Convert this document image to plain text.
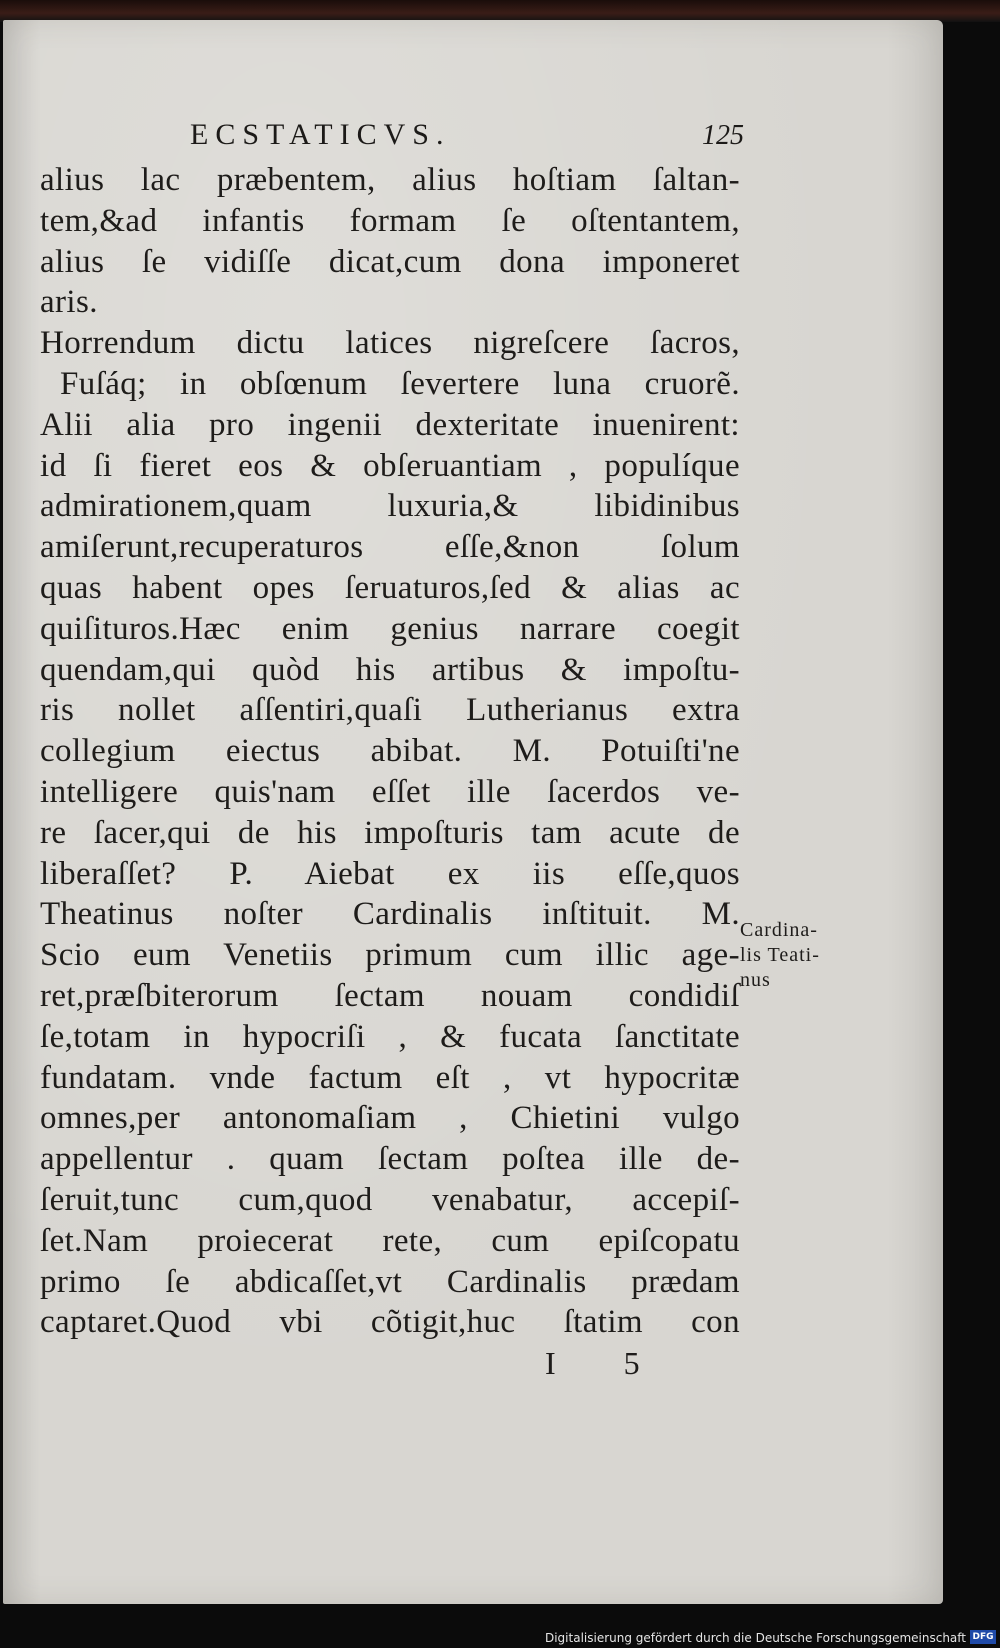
ECSTATICVS.	125
alius lac præbentem, alius hoſtiam ſaltan-
tem,&ad infantis formam ſe oſtentantem,
alius ſe vidiſſe dicat,cum dona imponeret
aris.
Horrendum dictu latices nigreſcere ſacros,
Fuſáq; in obſœnum ſevertere luna cruorẽ.
Alii alia pro ingenii dexteritate inuenirent:
id ſi fieret eos & obſeruantiam , populíque
admirationem,quam luxuria,& libidinibus
amiſerunt,recuperaturos eſſe,&non ſolum
quas habent opes ſeruaturos,ſed & alias ac
quiſituros.Hæc enim genius narrare coegit
quendam,qui quòd his artibus & impoſtu-
ris nollet aſſentiri,quaſi Lutherianus extra
collegium eiectus abibat. M. Potuiſti'ne
intelligere quis'nam eſſet ille ſacerdos ve-
re ſacer,qui de his impoſturis tam acute de
liberaſſet? P. Aiebat ex iis eſſe,quos
Theatinus noſter Cardinalis inſtituit. M.
Scio eum Venetiis primum cum illic age-
ret,præſbiterorum ſectam nouam condidiſ
ſe,totam in hypocriſi , & fucata ſanctitate
fundatam. vnde factum eſt , vt hypocritæ
omnes,per antonomaſiam , Chietini vulgo
appellentur . quam ſectam poſtea ille de-
ſeruit,tunc cum,quod venabatur, accepiſ-
ſet.Nam proiecerat rete, cum epiſcopatu
primo ſe abdicaſſet,vt Cardinalis prædam
captaret.Quod vbi cõtigit,huc ſtatim con
Cardina-
lis Teati-
nus
I 5
Digitalisierung gefördert durch die Deutsche Forschungsgemeinschaft DFG
